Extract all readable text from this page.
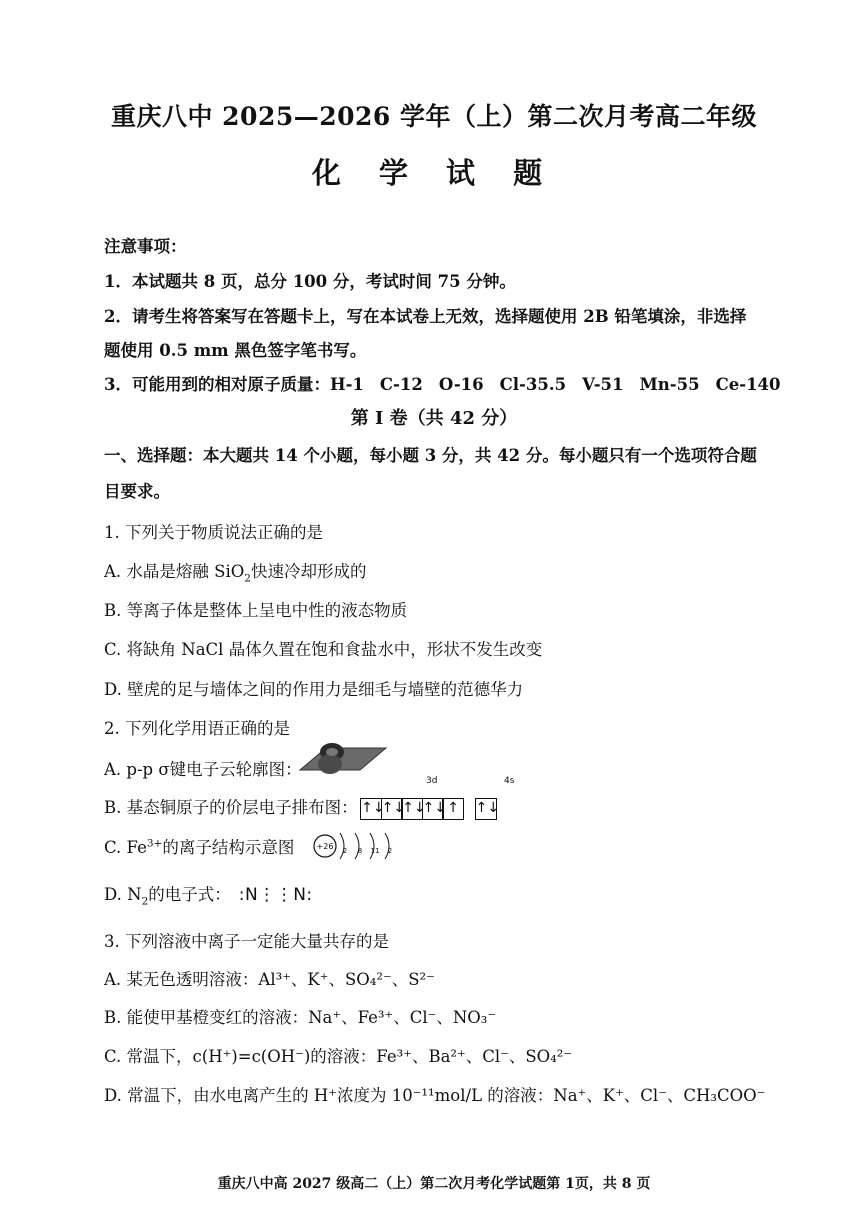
重庆八中 2025—2026 学年（上）第二次月考高二年级
化 学 试 题
注意事项：
1．本试题共 8 页，总分 100 分，考试时间 75 分钟。
2．请考生将答案写在答题卡上，写在本试卷上无效，选择题使用 2B 铅笔填涂，非选择
题使用 0.5 mm 黑色签字笔书写。
3．可能用到的相对原子质量：H-1 C-12 O-16 Cl-35.5 V-51 Mn-55 Ce-140
第 I 卷（共 42 分）
一、选择题：本大题共 14 个小题，每小题 3 分，共 42 分。每小题只有一个选项符合题
目要求。
1. 下列关于物质说法正确的是
A. 水晶是熔融 SiO$_2$快速冷却形成的
B. 等离子体是整体上呈电中性的液态物质
C. 将缺角 NaCl 晶体久置在饱和食盐水中，形状不发生改变
D. 壁虎的足与墙体之间的作用力是细毛与墙壁的范德华力
2. 下列化学用语正确的是
A. p-p σ键电子云轮廓图：
3d	4s
B. 基态铜原子的价层电子排布图： ↑↓↑↓↑↓↑↓↑ ↑↓
C. $Fe^{3+}$的离子结构示意图	+26 2 8 11 2
D. $N_2$的电子式： :N⋮⋮N:
3. 下列溶液中离子一定能大量共存的是
A. 某无色透明溶液：Al³⁺、K⁺、SO₄²⁻、S²⁻
B. 能使甲基橙变红的溶液：Na⁺、Fe³⁺、Cl⁻、NO₃⁻
C. 常温下，c(H⁺)=c(OH⁻)的溶液：Fe³⁺、Ba²⁺、Cl⁻、SO₄²⁻
D. 常温下，由水电离产生的 H⁺浓度为 10⁻¹¹mol/L 的溶液：Na⁺、K⁺、Cl⁻、CH₃COO⁻
重庆八中高 2027 级高二（上）第二次月考化学试题第 1页，共 8 页
